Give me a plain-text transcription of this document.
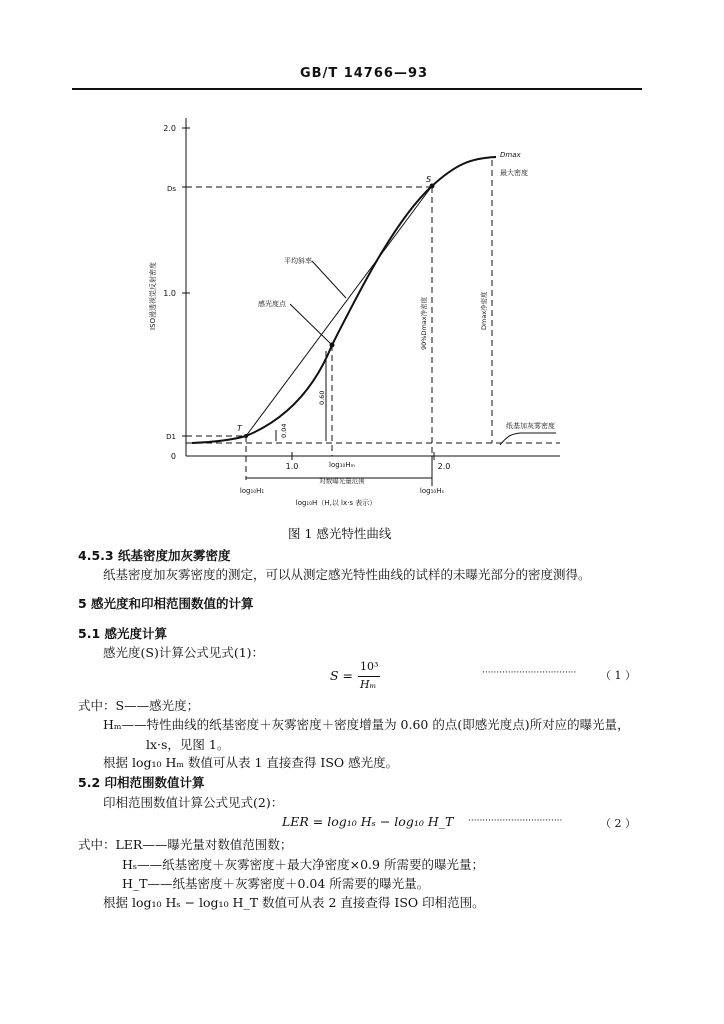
GB/T 14766—93
2.0
1.0
0
Ds
D1
ISO漫透视觉反射密度
1.0	2.0
log₁₀Hₘ
对数曝光量范围
log₁₀H₁	log₁₀Hₛ
log₁₀H（H,以 lx·s 表示）
S
T
Dmax
最大密度
平均斜率
感光度点	90%Dmax净密度	Dmax净密度
0.60
0.04	纸基加灰雾密度
图 1 感光特性曲线
4.5.3 纸基密度加灰雾密度
纸基密度加灰雾密度的测定，可以从测定感光特性曲线的试样的未曝光部分的密度测得。
5 感光度和印相范围数值的计算
5.1 感光度计算
感光度(S)计算公式见式(1)：
S =
10³
Hₘ
································· （ 1 ）
式中：S——感光度；
Hₘ——特性曲线的纸基密度＋灰雾密度＋密度增量为 0.60 的点(即感光度点)所对应的曝光量，
lx·s，见图 1。
根据 log₁₀ Hₘ 数值可从表 1 直接查得 ISO 感光度。
5.2 印相范围数值计算
印相范围数值计算公式见式(2)：
LER = log₁₀ Hₛ − log₁₀ H_T ·································	（ 2 ）
式中：LER——曝光量对数值范围数；
Hₛ——纸基密度＋灰雾密度＋最大净密度×0.9 所需要的曝光量；
H_T——纸基密度＋灰雾密度＋0.04 所需要的曝光量。
根据 log₁₀ Hₛ − log₁₀ H_T 数值可从表 2 直接查得 ISO 印相范围。
